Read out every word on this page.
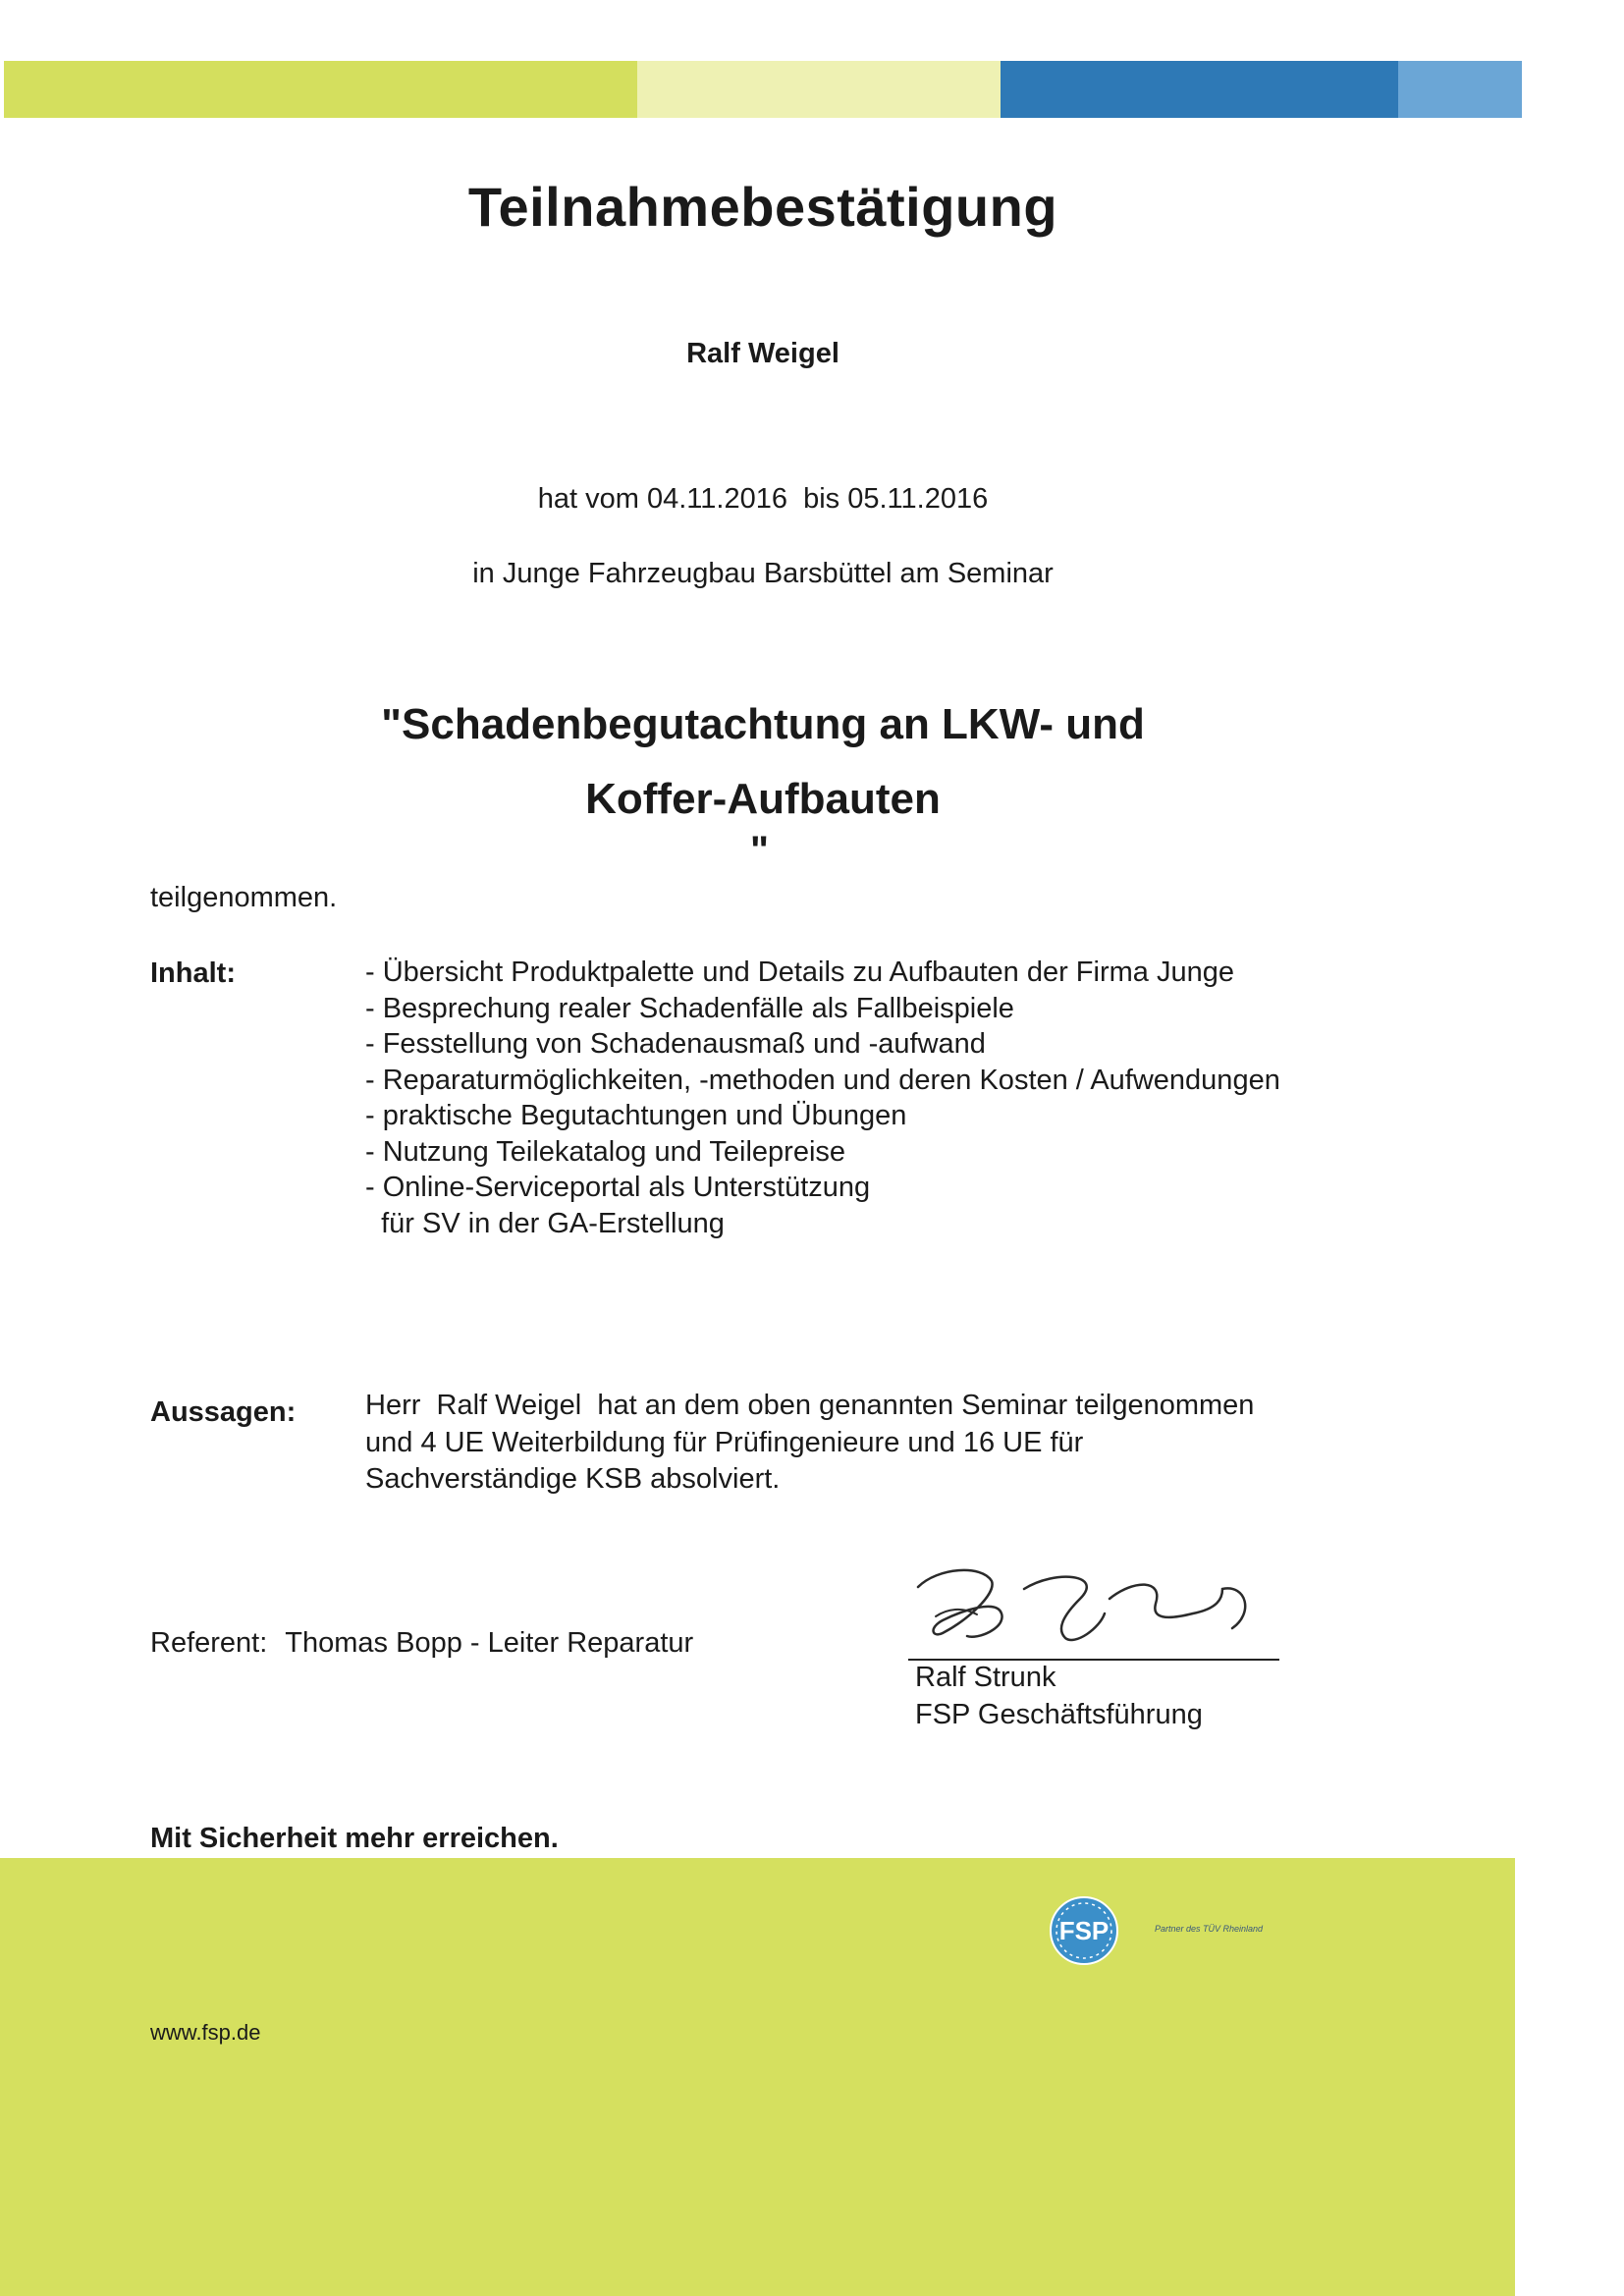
Teilnahmebestätigung
Ralf Weigel
hat vom 04.11.2016  bis 05.11.2016
in Junge Fahrzeugbau Barsbüttel am Seminar
"Schadenbegutachtung an LKW- und
Koffer-Aufbauten
"
teilgenommen.
Inhalt:	- Übersicht Produktpalette und Details zu Aufbauten der Firma Junge
- Besprechung realer Schadenfälle als Fallbeispiele
- Fesstellung von Schadenausmaß und -aufwand
- Reparaturmöglichkeiten, -methoden und deren Kosten / Aufwendungen
- praktische Begutachtungen und Übungen
- Nutzung Teilekatalog und Teilepreise
- Online-Serviceportal als Unterstützung
für SV in der GA-Erstellung
Aussagen: Herr  Ralf Weigel  hat an dem oben genannten Seminar teilgenommen
und 4 UE Weiterbildung für Prüfingenieure und 16 UE für
Sachverständige KSB absolviert.
Referent: Thomas Bopp - Leiter Reparatur
Ralf Strunk
FSP Geschäftsführung
Mit Sicherheit mehr erreichen.
www.fsp.de
FSP	Partner des TÜV Rheinland
